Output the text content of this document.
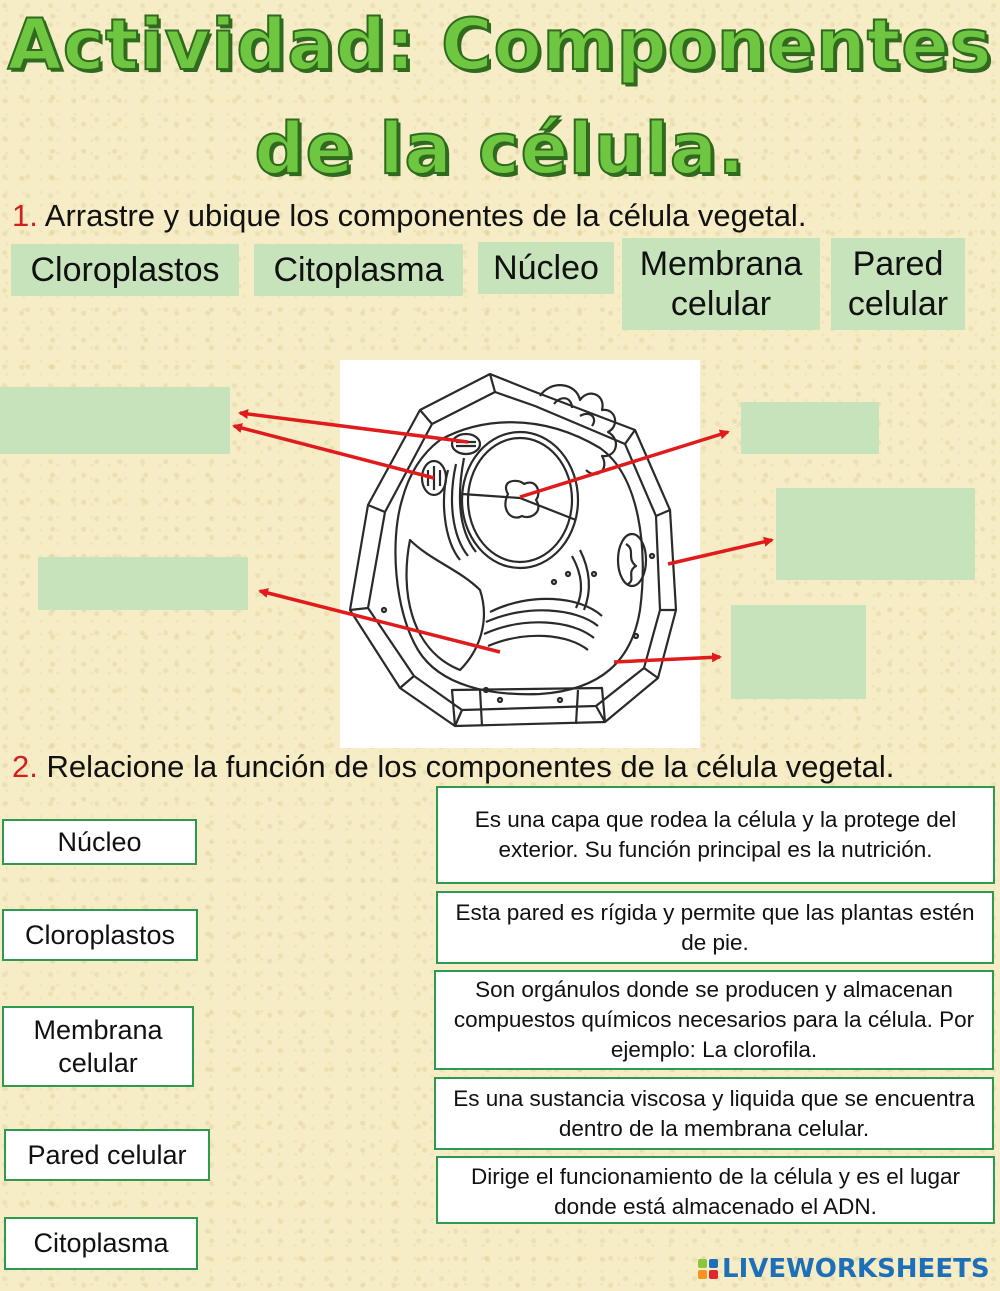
Actividad: Componentes
de la célula.
1. Arrastre y ubique los componentes de la célula vegetal.
Cloroplastos	Citoplasma	Núcleo	Membrana celular
Pared celular
2. Relacione la función de los componentes de la célula vegetal.
Núcleo
Cloroplastos
Membrana celular
Pared celular
Citoplasma
Es una capa que rodea la célula y la protege del exterior. Su función principal es la nutrición.
Esta pared es rígida y permite que las plantas estén de pie.
Son orgánulos donde se producen y almacenan compuestos químicos necesarios para la célula. Por ejemplo: La clorofila.
Es una sustancia viscosa y liquida que se encuentra dentro de la membrana celular.
Dirige el funcionamiento de la célula y es el lugar donde está almacenado el ADN.
LIVEWORKSHEETS
